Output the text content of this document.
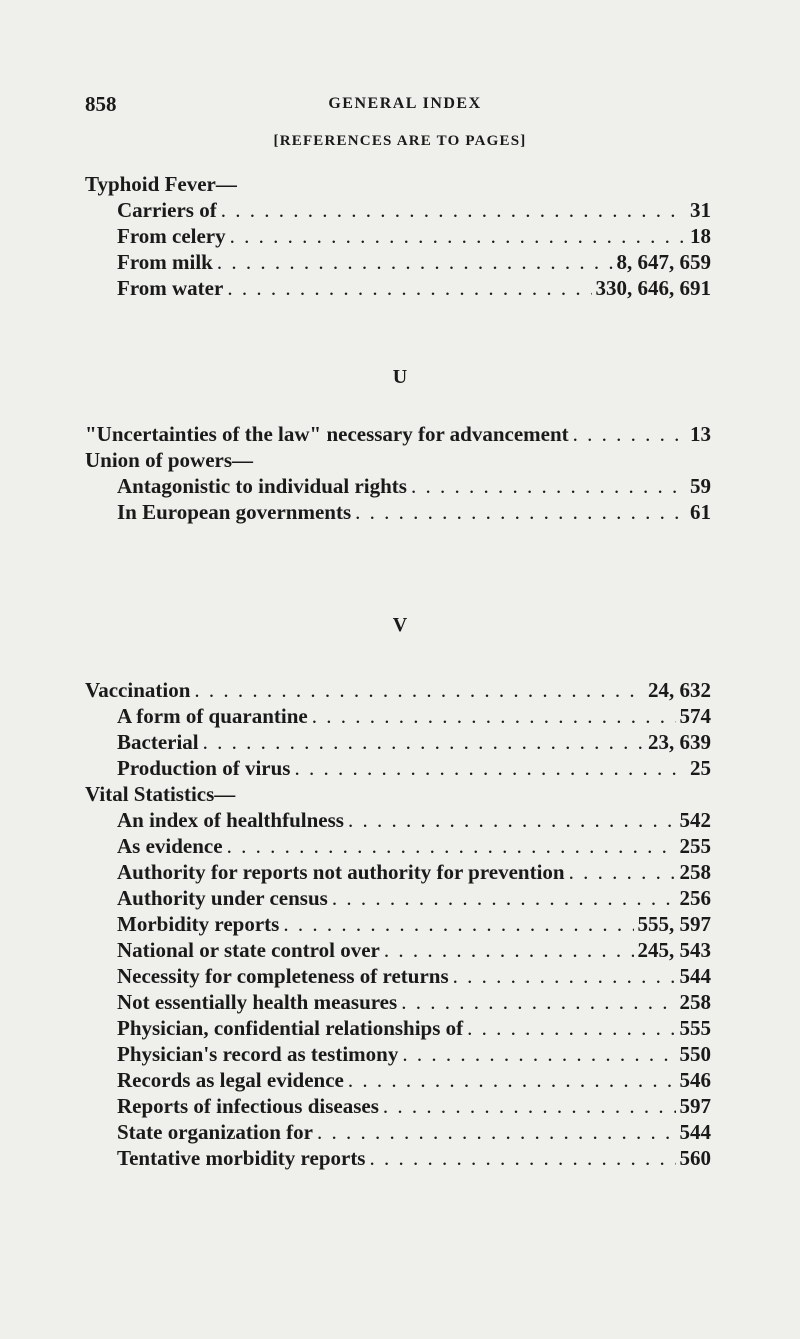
858	GENERAL INDEX
[REFERENCES ARE TO PAGES]
Typhoid Fever—
Carriers of . . .	31
From celery . . .	18
From milk . . .	8, 647, 659
From water . . .	330, 646, 691
U
"Uncertainties of the law" necessary for advancement . . .	13
Union of powers—
Antagonistic to individual rights . . .	59
In European governments . . .	61
V
Vaccination . . .	24, 632
A form of quarantine . . .	574
Bacterial . . .	23, 639
Production of virus . . .	25
Vital Statistics—
An index of healthfulness . . .	542
As evidence . . .	255
Authority for reports not authority for prevention . . .	258
Authority under census . . .	256
Morbidity reports . . .	555, 597
National or state control over . . .	245, 543
Necessity for completeness of returns . . .	544
Not essentially health measures . . .	258
Physician, confidential relationships of . . .	555
Physician's record as testimony . . .	550
Records as legal evidence . . .	546
Reports of infectious diseases . . .	597
State organization for . . .	544
Tentative morbidity reports . . .	560
